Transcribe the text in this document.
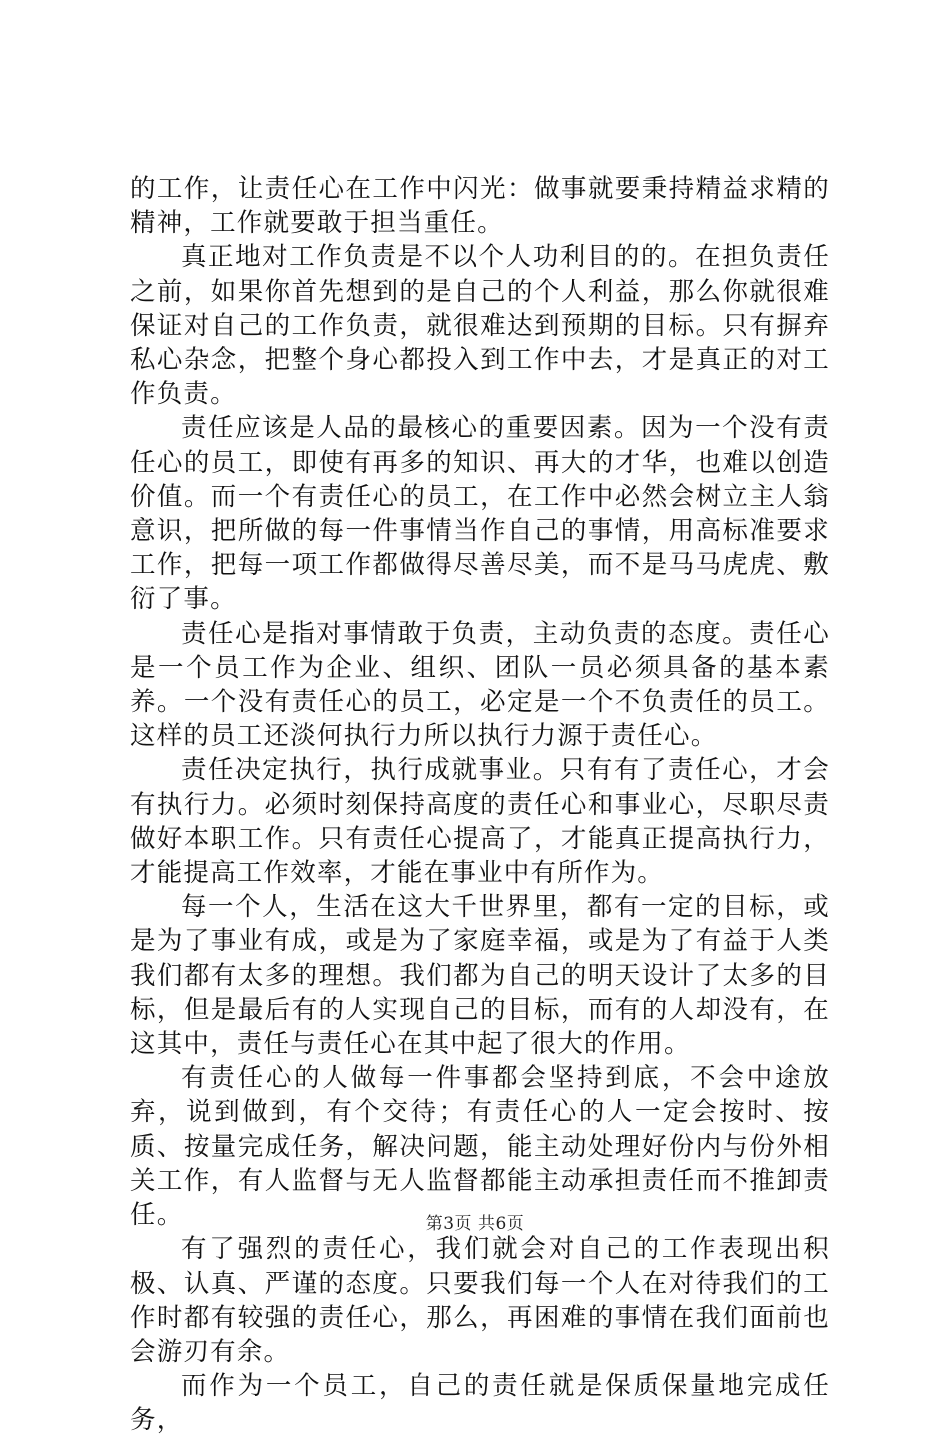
的工作，让责任心在工作中闪光：做事就要秉持精益求精的精神，工作就要敢于担当重任。

真正地对工作负责是不以个人功利目的的。在担负责任之前，如果你首先想到的是自己的个人利益，那么你就很难保证对自己的工作负责，就很难达到预期的目标。只有摒弃私心杂念，把整个身心都投入到工作中去，才是真正的对工作负责。

责任应该是人品的最核心的重要因素。因为一个没有责任心的员工，即使有再多的知识、再大的才华，也难以创造价值。而一个有责任心的员工，在工作中必然会树立主人翁意识，把所做的每一件事情当作自己的事情，用高标准要求工作，把每一项工作都做得尽善尽美，而不是马马虎虎、敷衍了事。

责任心是指对事情敢于负责，主动负责的态度。责任心是一个员工作为企业、组织、团队一员必须具备的基本素养。一个没有责任心的员工，必定是一个不负责任的员工。这样的员工还淡何执行力所以执行力源于责任心。

责任决定执行，执行成就事业。只有有了责任心，才会有执行力。必须时刻保持高度的责任心和事业心，尽职尽责做好本职工作。只有责任心提高了，才能真正提高执行力，才能提高工作效率，才能在事业中有所作为。

每一个人，生活在这大千世界里，都有一定的目标，或是为了事业有成，或是为了家庭幸福，或是为了有益于人类我们都有太多的理想。我们都为自己的明天设计了太多的目标，但是最后有的人实现自己的目标，而有的人却没有，在这其中，责任与责任心在其中起了很大的作用。

有责任心的人做每一件事都会坚持到底，不会中途放弃，说到做到，有个交待；有责任心的人一定会按时、按质、按量完成任务，解决问题，能主动处理好份内与份外相关工作，有人监督与无人监督都能主动承担责任而不推卸责任。

有了强烈的责任心，我们就会对自己的工作表现出积极、认真、严谨的态度。只要我们每一个人在对待我们的工作时都有较强的责任心，那么，再困难的事情在我们面前也会游刃有余。

而作为一个员工，自己的责任就是保质保量地完成任务，

第3页 共6页
